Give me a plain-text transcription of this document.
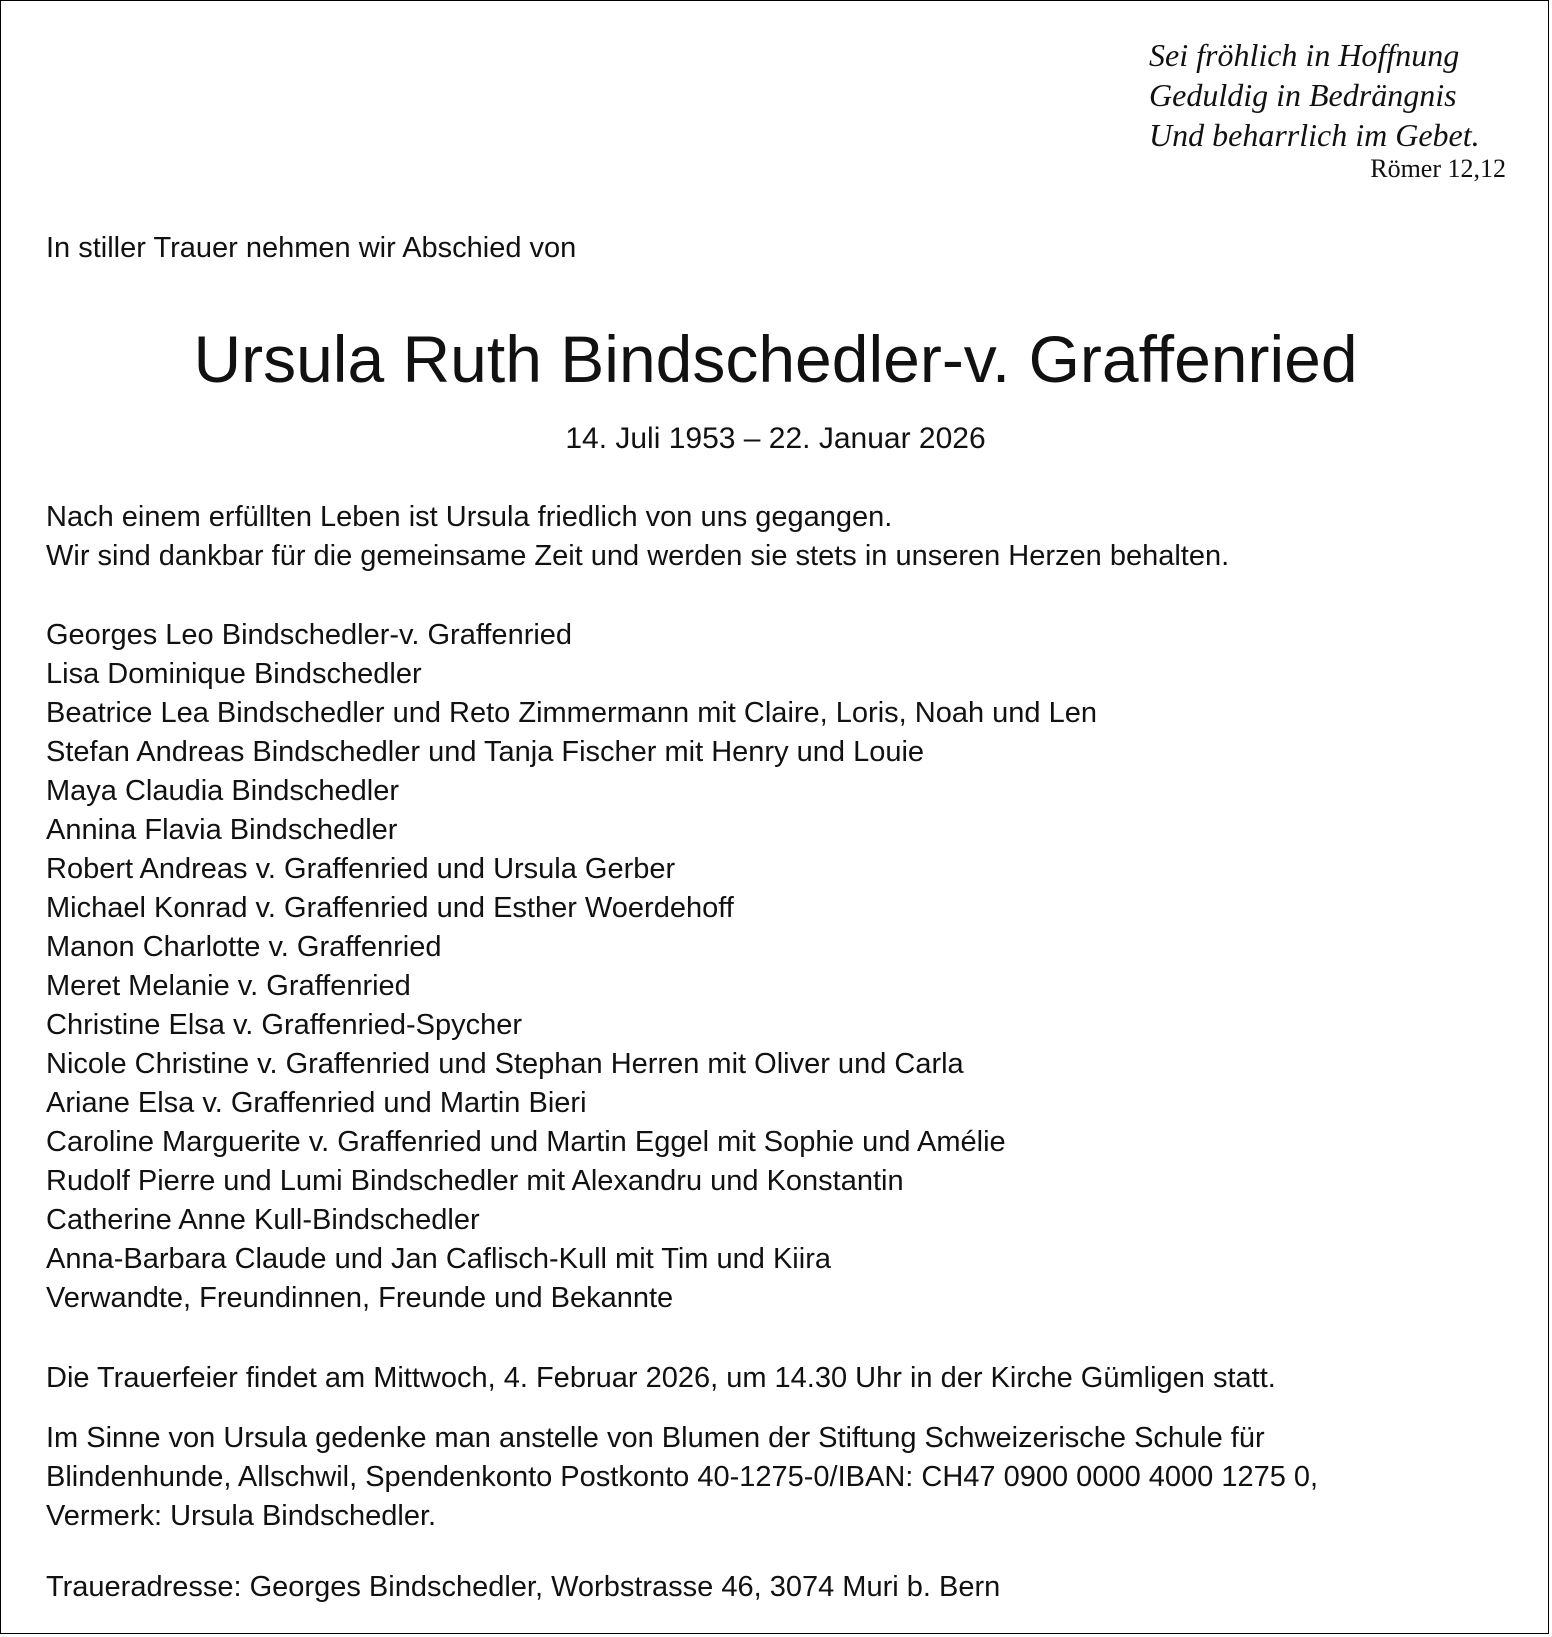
Sei fröhlich in Hoffnung
Geduldig in Bedrängnis
Und beharrlich im Gebet.
Römer 12,12
In stiller Trauer nehmen wir Abschied von
Ursula Ruth Bindschedler-v. Graffenried
14. Juli 1953 – 22. Januar 2026
Nach einem erfüllten Leben ist Ursula friedlich von uns gegangen.
Wir sind dankbar für die gemeinsame Zeit und werden sie stets in unseren Herzen behalten.
Georges Leo Bindschedler-v. Graffenried
Lisa Dominique Bindschedler
Beatrice Lea Bindschedler und Reto Zimmermann mit Claire, Loris, Noah und Len
Stefan Andreas Bindschedler und Tanja Fischer mit Henry und Louie
Maya Claudia Bindschedler
Annina Flavia Bindschedler
Robert Andreas v. Graffenried und Ursula Gerber
Michael Konrad v. Graffenried und Esther Woerdehoff
Manon Charlotte v. Graffenried
Meret Melanie v. Graffenried
Christine Elsa v. Graffenried-Spycher
Nicole Christine v. Graffenried und Stephan Herren mit Oliver und Carla
Ariane Elsa v. Graffenried und Martin Bieri
Caroline Marguerite v. Graffenried und Martin Eggel mit Sophie und Amélie
Rudolf Pierre und Lumi Bindschedler mit Alexandru und Konstantin
Catherine Anne Kull-Bindschedler
Anna-Barbara Claude und Jan Caflisch-Kull mit Tim und Kiira
Verwandte, Freundinnen, Freunde und Bekannte
Die Trauerfeier findet am Mittwoch, 4. Februar 2026, um 14.30 Uhr in der Kirche Gümligen statt.
Im Sinne von Ursula gedenke man anstelle von Blumen der Stiftung Schweizerische Schule für
Blindenhunde, Allschwil, Spendenkonto Postkonto 40-1275-0/IBAN: CH47 0900 0000 4000 1275 0,
Vermerk: Ursula Bindschedler.
Traueradresse: Georges Bindschedler, Worbstrasse 46, 3074 Muri b. Bern
